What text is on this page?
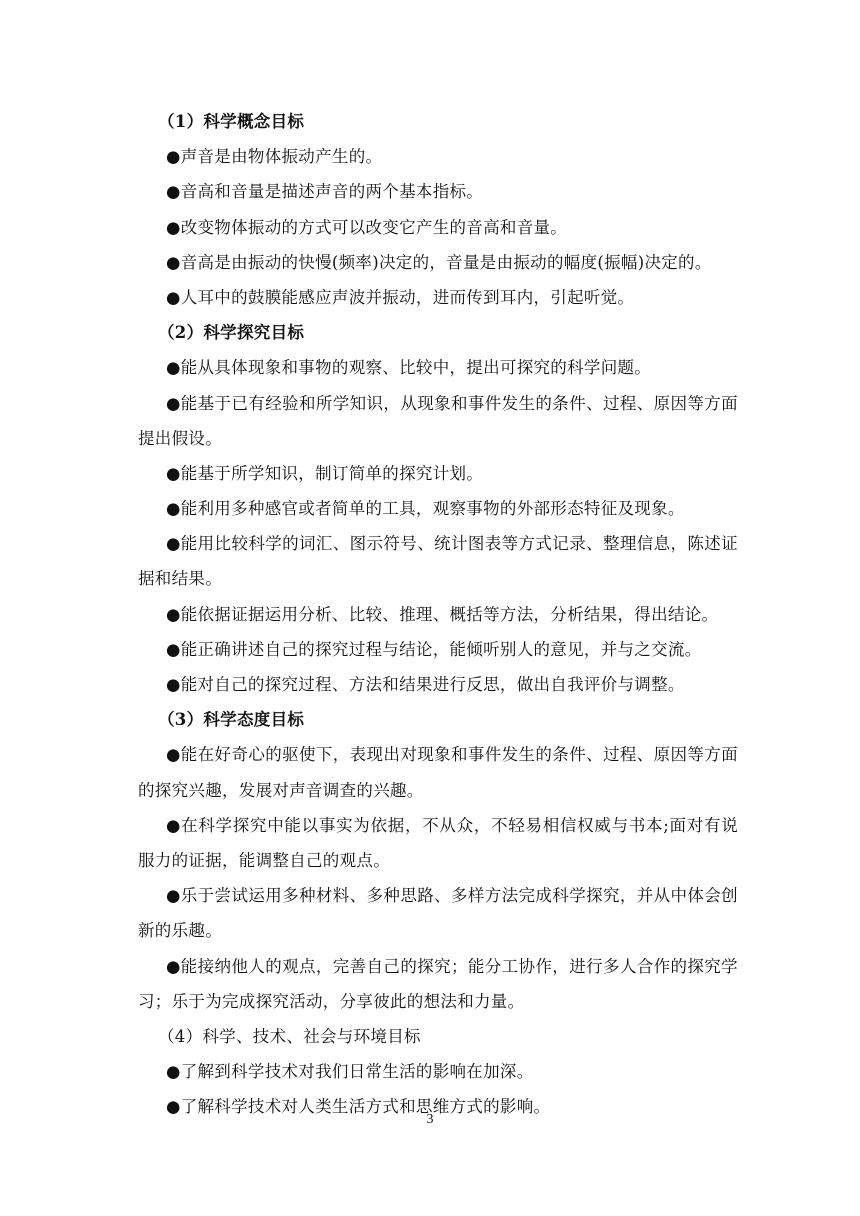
（1）科学概念目标
●声音是由物体振动产生的。
●音高和音量是描述声音的两个基本指标。
●改变物体振动的方式可以改变它产生的音高和音量。
●音高是由振动的快慢(频率)决定的，音量是由振动的幅度(振幅)决定的。
●人耳中的鼓膜能感应声波并振动，进而传到耳内，引起听觉。
（2）科学探究目标
●能从具体现象和事物的观察、比较中，提出可探究的科学问题。
●能基于已有经验和所学知识，从现象和事件发生的条件、过程、原因等方面提出假设。
●能基于所学知识，制订简单的探究计划。
●能利用多种感官或者简单的工具，观察事物的外部形态特征及现象。
●能用比较科学的词汇、图示符号、统计图表等方式记录、整理信息，陈述证据和结果。
●能依据证据运用分析、比较、推理、概括等方法，分析结果，得出结论。
●能正确讲述自己的探究过程与结论，能倾听别人的意见，并与之交流。
●能对自己的探究过程、方法和结果进行反思，做出自我评价与调整。
（3）科学态度目标
●能在好奇心的驱使下，表现出对现象和事件发生的条件、过程、原因等方面的探究兴趣，发展对声音调查的兴趣。
●在科学探究中能以事实为依据，不从众，不轻易相信权威与书本;面对有说服力的证据，能调整自己的观点。
●乐于尝试运用多种材料、多种思路、多样方法完成科学探究，并从中体会创新的乐趣。
●能接纳他人的观点，完善自己的探究；能分工协作，进行多人合作的探究学习；乐于为完成探究活动，分享彼此的想法和力量。
（4）科学、技术、社会与环境目标
●了解到科学技术对我们日常生活的影响在加深。
●了解科学技术对人类生活方式和思维方式的影响。
3
